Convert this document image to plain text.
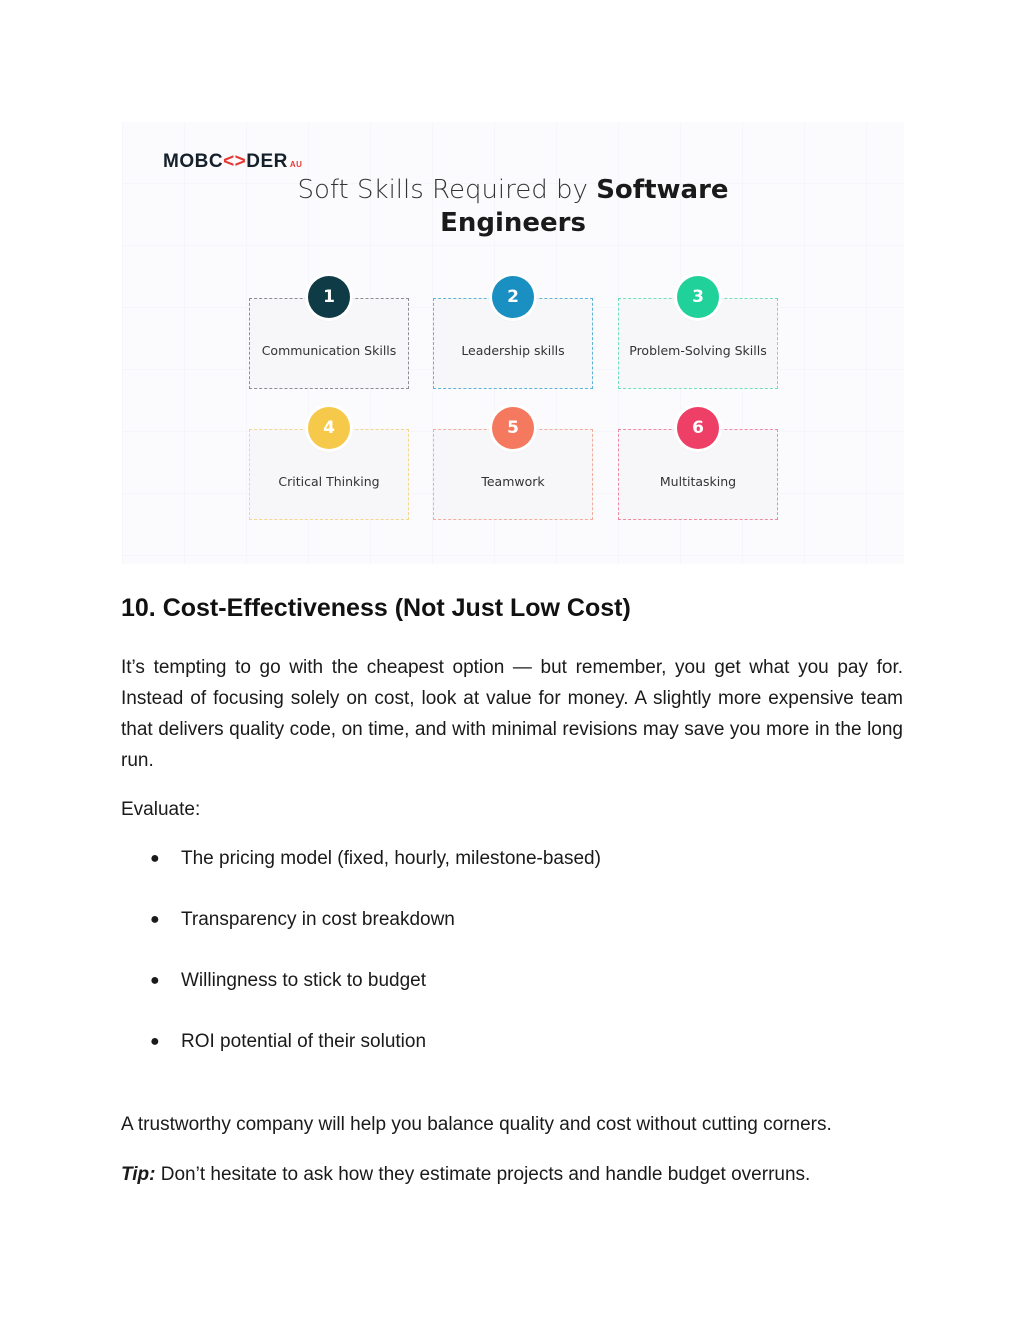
MOBC<>DER AU
Soft Skills Required by Software
Engineers
Communication Skills
1
Leadership skills
2
Problem-Solving Skills
3
Critical Thinking
4
Teamwork
5
Multitasking
6
10. Cost-Effectiveness (Not Just Low Cost)

It’s tempting to go with the cheapest option — but remember, you get what you pay for. Instead of focusing solely on cost, look at value for money. A slightly more expensive team that delivers quality code, on time, and with minimal revisions may save you more in the long run.

Evaluate:

● The pricing model (fixed, hourly, milestone-based)
● Transparency in cost breakdown
● Willingness to stick to budget
● ROI potential of their solution

A trustworthy company will help you balance quality and cost without cutting corners.

Tip: Don’t hesitate to ask how they estimate projects and handle budget overruns.
